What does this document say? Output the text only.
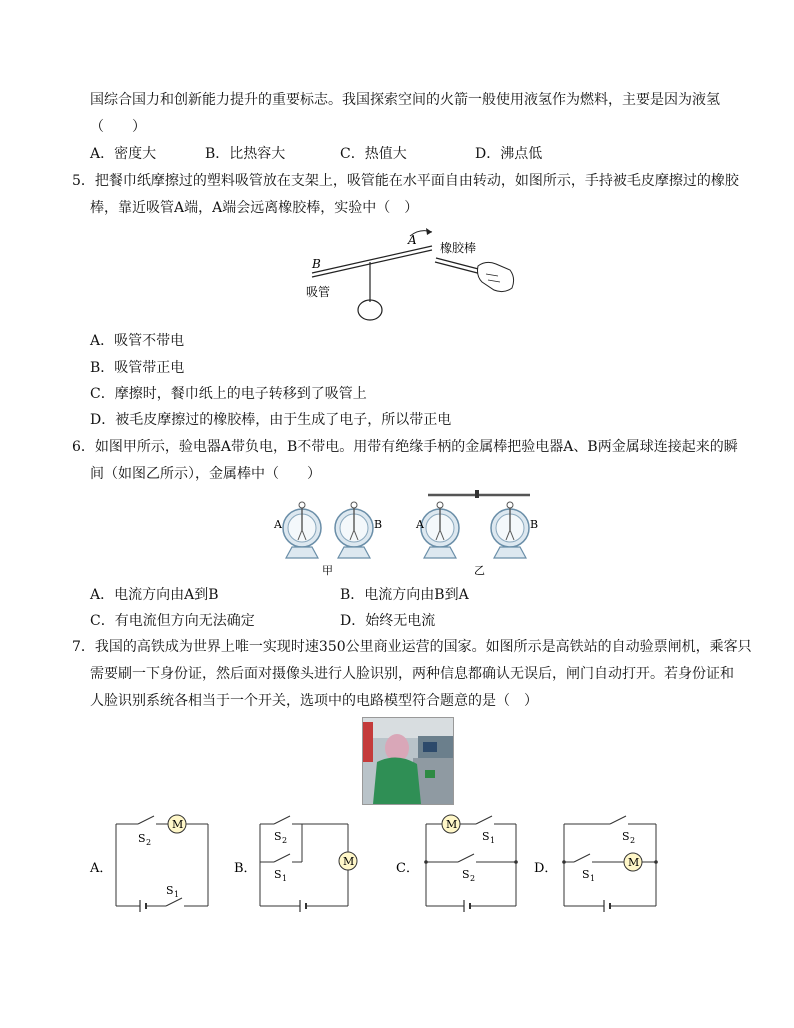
国综合国力和创新能力提升的重要标志。我国探索空间的火箭一般使用液氢作为燃料，主要是因为液氢
（　　）
A．密度大	B．比热容大	C．热值大	D．沸点低
5．把餐巾纸摩擦过的塑料吸管放在支架上，吸管能在水平面自由转动，如图所示，手持被毛皮摩擦过的橡胶
棒，靠近吸管A端，A端会远离橡胶棒，实验中（　）
A
B
吸管
橡胶棒
A．吸管不带电
B．吸管带正电
C．摩擦时，餐巾纸上的电子转移到了吸管上
D．被毛皮摩擦过的橡胶棒，由于生成了电子，所以带正电
6．如图甲所示，验电器A带负电，B不带电。用带有绝缘手柄的金属棒把验电器A、B两金属球连接起来的瞬
间（如图乙所示），金属棒中（　　）
A	B	A	B
甲	乙
A．电流方向由A到B	B．电流方向由B到A
C．有电流但方向无法确定	D．始终无电流
7．我国的高铁成为世界上唯一实现时速350公里商业运营的国家。如图所示是高铁站的自动验票闸机，乘客只
需要刷一下身份证，然后面对摄像头进行人脸识别，两种信息都确认无误后，闸门自动打开。若身份证和
人脸识别系统各相当于一个开关，选项中的电路模型符合题意的是（　）
A．
M
S 2
S 1
B．	M
S 2
S 1
C．
M
S 1
S 2
D．	M
S 2
S 1
